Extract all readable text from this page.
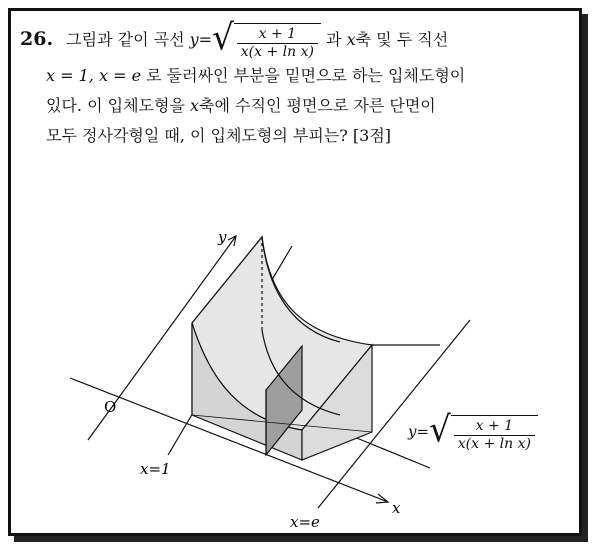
26. 그림과 같이 곡선 y= √ $\frac{x + 1}{\text{x(x + ln x)}}$ 과 x축 및 두 직선
x = 1, x = e 로 둘러싸인 부분을 밑면으로 하는 입체도형이
있다. 이 입체도형을 x축에 수직인 평면으로 자른 단면이
모두 정사각형일 때, 이 입체도형의 부피는? [3점]
y
x
O
x=1
x=e
y= √ $\frac{x + 1}{\text{x(x + ln x)}}$
